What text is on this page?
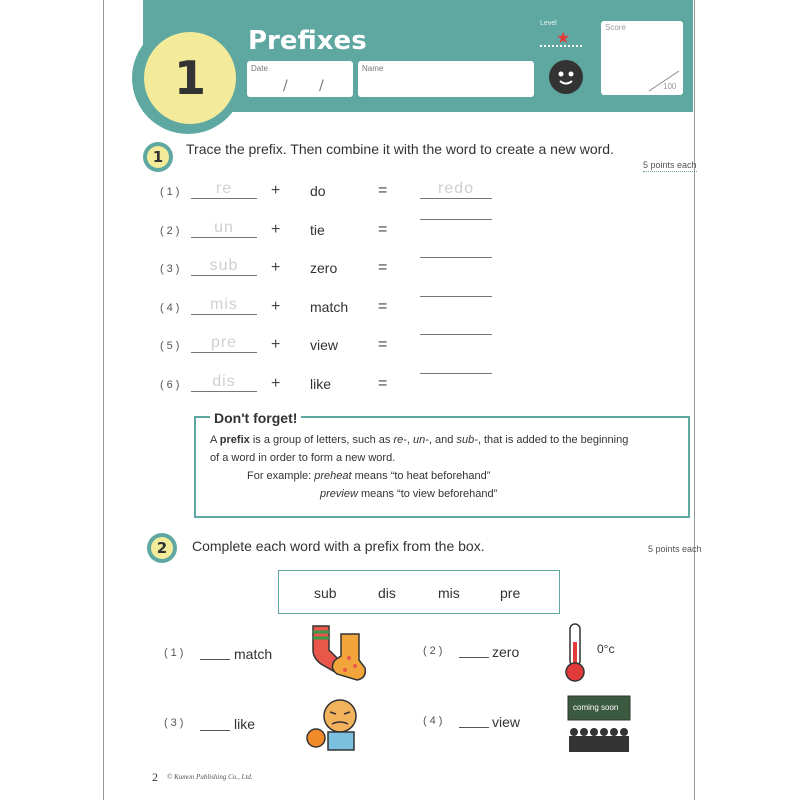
1
Prefixes
Date
/ /
Name
Level
★
Score
100
1	Trace the prefix. Then combine it with the word to create a new word.
5 points each
(1)	re	+ do	=	redo
(2)	un	+ tie	=
(3)	sub	+ zero	=
(4)	mis	+ match =
(5)	pre	+ view =
(6)	dis	+ like	=
Don't forget!
A prefix is a group of letters, such as re-, un-, and sub-, that is added to the beginning
of a word in order to form a new word.
For example: preheat means “to heat beforehand”
preview means “to view beforehand”
2	Complete each word with a prefix from the box.	5 points each
sub	dis	mis	pre
(1)	match	(2)	zero
(3)	like	(4)	view
0°c
coming soon
2 © Kumon Publishing Co., Ltd.
